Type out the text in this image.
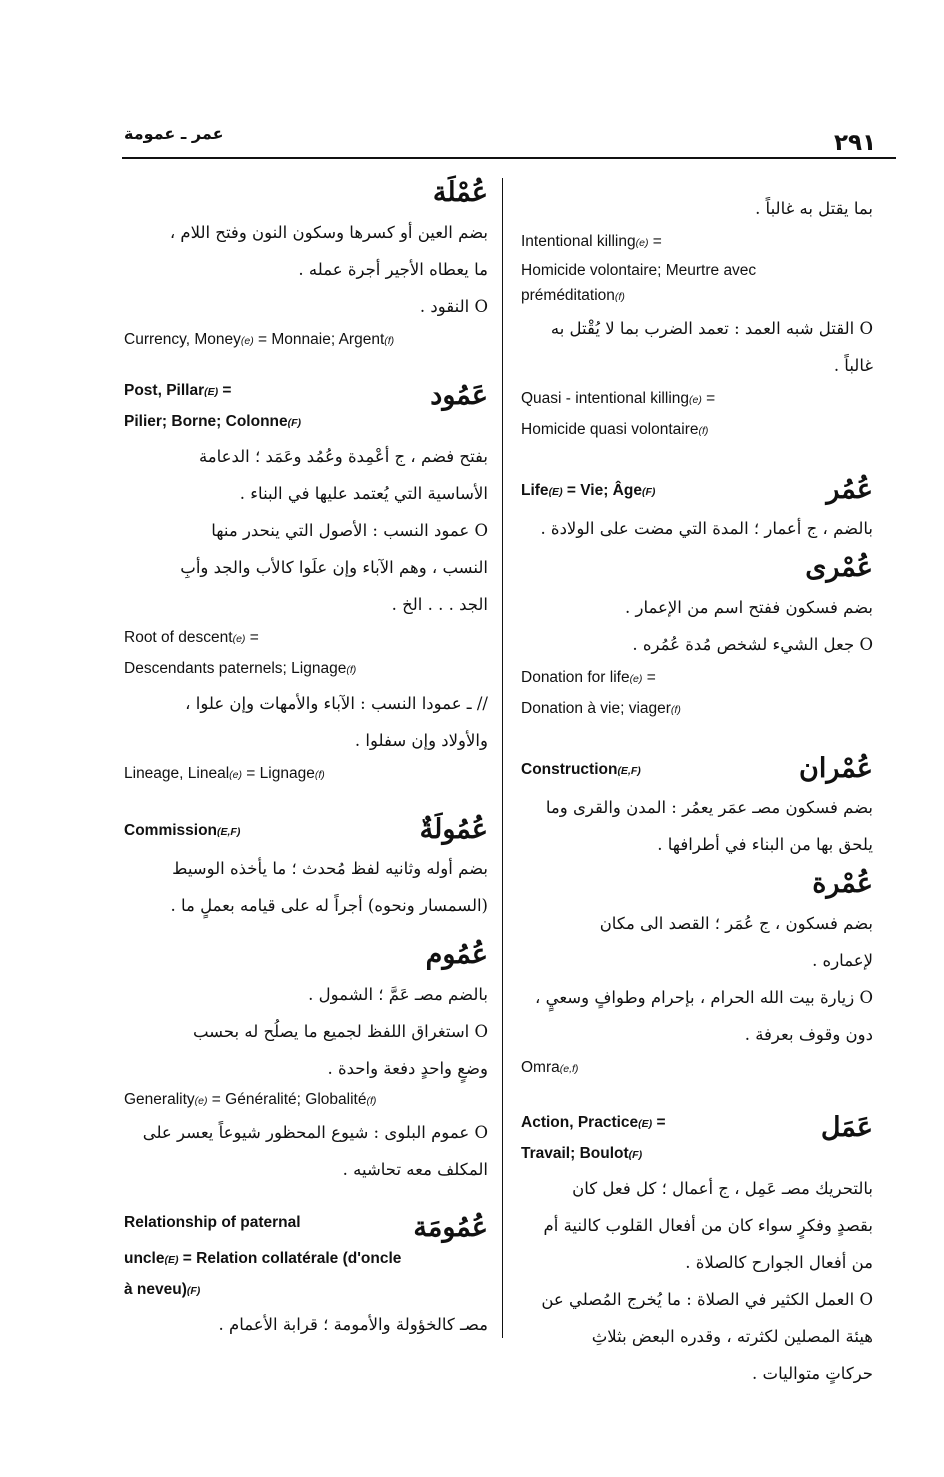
٢٩١
عمر ـ عمومة
عُمْلَة
بضم العين أو كسرها وسكون النون وفتح اللام ،
ما يعطاه الأجير أجرة عمله .
O النقود .
Currency, Money(e) = Monnaie; Argent(f)
Post, Pillar(E) =
Pilier; Borne; Colonne(F)
عَمُود
بفتح فضم ، ج أعْمِدة وعُمُد وعَمَد ؛ الدعامة
الأساسية التي يُعتمد عليها في البناء .
O عمود النسب : الأصول التي ينحدر منها
النسب ، وهم الآباء وإن علَوا كالأب والجد وأبِ
الجد . . . الخ .
Root of descent(e) =
Descendants paternels; Lignage(f)
// ـ عمودا النسب : الآباء والأمهات وإن علوا ،
والأولاد وإن سفلوا .
Lineage, Lineal(e) = Lignage(f)
Commission(E,F)	عُمُولَةٌ
بضم أوله وثانيه لفظ مُحدث ؛ ما يأخذه الوسيط
(السمسار ونحوه) أجراً له على قيامه بعملٍ ما .
عُمُوم
بالضم مصـ عَمَّ ؛ الشمول .
O استغراق اللفظ لجميع ما يصلُح له بحسب
وضعٍ واحدٍ دفعة واحدة .
Generality(e) = Généralité; Globalité(f)
O عموم البلوى : شيوع المحظور شيوعاً يعسر على
المكلف معه تحاشيه .
Relationship of paternal	عُمُومَة
uncle(E) = Relation collatérale (d'oncle
à neveu)(F)
مصـ كالخؤولة والأمومة ؛ قرابة الأعمام .
بما يقتل به غالباً .
Intentional killing(e) =
Homicide volontaire; Meurtre avec
préméditation(f)
O القتل شبه العمد : تعمد الضرب بما لا يُقْتل به
غالباً .
Quasi - intentional killing(e) =
Homicide quasi volontaire(f)
Life(E) = Vie; Âge(F)	عُمُر
بالضم ، ج أعمار ؛ المدة التي مضت على الولادة .
عُمْرى
بضم فسكون ففتح اسم من الإعمار .
O جعل الشيء لشخص مُدة عُمُره .
Donation for life(e) =
Donation à vie; viager(f)
Construction(E,F)	عُمْران
بضم فسكون مصـ عمَر يعمُر : المدن والقرى وما
يلحق بها من البناء في أطرافها .
عُمْرة
بضم فسكون ، ج عُمَر ؛ القصد الى مكان
لإعماره .
O زيارة بيت الله الحرام ، بإحرام وطوافٍ وسعيٍ ،
دون وقوف بعرفة .
Omra(e,f)
Action, Practice(E) =
Travail; Boulot(F)
عَمَل
بالتحريك مصـ عَمِل ، ج أعمال ؛ كل فعل كان
بقصدٍ وفكرٍ سواء كان من أفعال القلوب كالنية أم
من أفعال الجوارح كالصلاة .
O العمل الكثير في الصلاة : ما يُخرج المُصلي عن
هيئة المصلين لكثرته ، وقدره البعض بثلاثِ
حركاتٍ متواليات .
